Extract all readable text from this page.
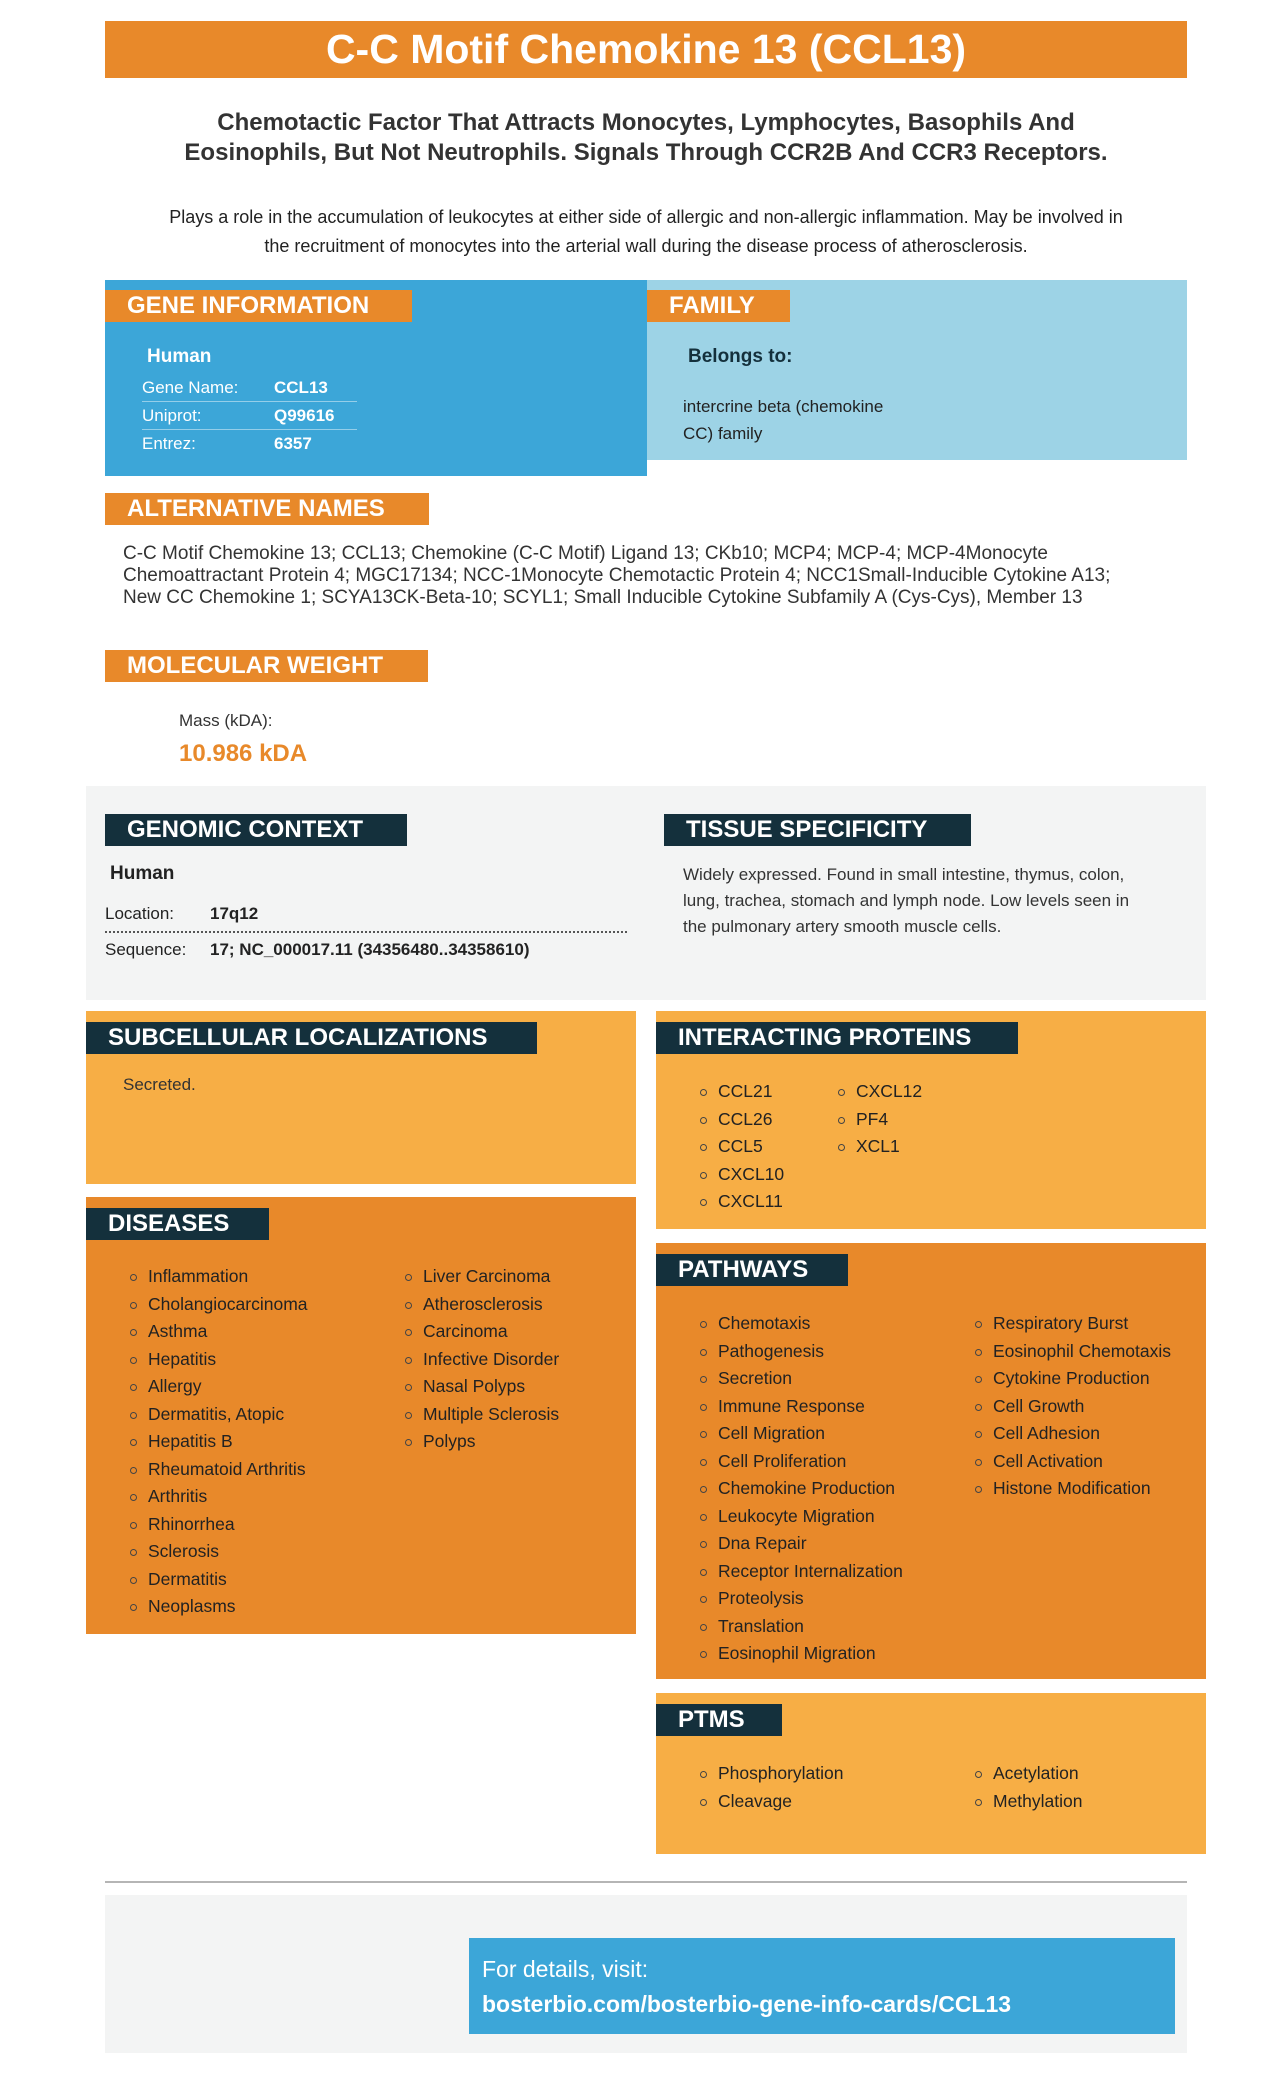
C-C Motif Chemokine 13 (CCL13)
Chemotactic Factor That Attracts Monocytes, Lymphocytes, Basophils And
Eosinophils, But Not Neutrophils. Signals Through CCR2B And CCR3 Receptors.
Plays a role in the accumulation of leukocytes at either side of allergic and non-allergic inflammation. May be involved in
the recruitment of monocytes into the arterial wall during the disease process of atherosclerosis.
GENE INFORMATION
Human
Gene Name:	CCL13
Uniprot:	Q99616
Entrez:	6357
FAMILY
Belongs to:
intercrine beta (chemokine
CC) family
ALTERNATIVE NAMES
C-C Motif Chemokine 13; CCL13; Chemokine (C-C Motif) Ligand 13; CKb10; MCP4; MCP-4; MCP-4Monocyte
Chemoattractant Protein 4; MGC17134; NCC-1Monocyte Chemotactic Protein 4; NCC1Small-Inducible Cytokine A13;
New CC Chemokine 1; SCYA13CK-Beta-10; SCYL1; Small Inducible Cytokine Subfamily A (Cys-Cys), Member 13
MOLECULAR WEIGHT
Mass (kDA):
10.986 kDA
GENOMIC CONTEXT
Human
Location: 17q12
Sequence: 17; NC_000017.11 (34356480..34358610)
TISSUE SPECIFICITY
Widely expressed. Found in small intestine, thymus, colon,
lung, trachea, stomach and lymph node. Low levels seen in
the pulmonary artery smooth muscle cells.
SUBCELLULAR LOCALIZATIONS
Secreted.
INTERACTING PROTEINS
CCL21
CCL26
CCL5
CXCL10
CXCL11
CXCL12
PF4
XCL1
DISEASES
Inflammation
Cholangiocarcinoma
Asthma
Hepatitis
Allergy
Dermatitis, Atopic
Hepatitis B
Rheumatoid Arthritis
Arthritis
Rhinorrhea
Sclerosis
Dermatitis
Neoplasms
Liver Carcinoma
Atherosclerosis
Carcinoma
Infective Disorder
Nasal Polyps
Multiple Sclerosis
Polyps
PATHWAYS
Chemotaxis
Pathogenesis
Secretion
Immune Response
Cell Migration
Cell Proliferation
Chemokine Production
Leukocyte Migration
Dna Repair
Receptor Internalization
Proteolysis
Translation
Eosinophil Migration
Respiratory Burst
Eosinophil Chemotaxis
Cytokine Production
Cell Growth
Cell Adhesion
Cell Activation
Histone Modification
PTMS
Phosphorylation
Cleavage
Acetylation
Methylation
For details, visit:
bosterbio.com/bosterbio-gene-info-cards/CCL13
